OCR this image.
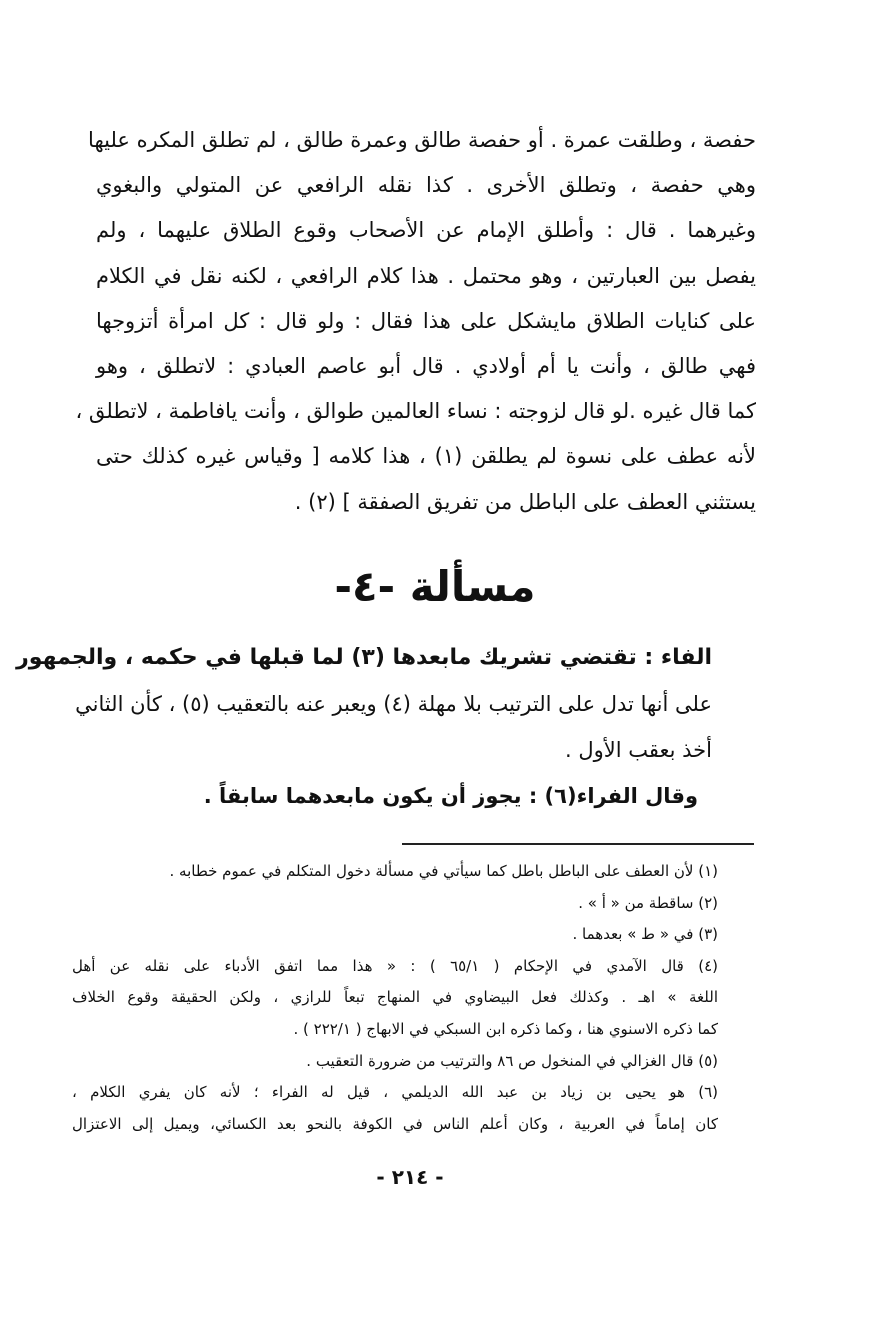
حفصة ، وطلقت عمرة . أو حفصة طالق وعمرة طالق ، لم تطلق المكره عليها
وهي حفصة ، وتطلق الأخرى . كذا نقله الرافعي عن المتولي والبغوي
وغيرهما . قال : وأطلق الإمام عن الأصحاب وقوع الطلاق عليهما ، ولم
يفصل بين العبارتين ، وهو محتمل . هذا كلام الرافعي ، لكنه نقل في الكلام
على كنايات الطلاق مايشكل على هذا فقال : ولو قال : كل امرأة أتزوجها
فهي طالق ، وأنت يا أم أولادي . قال أبو عاصم العبادي : لاتطلق ، وهو
كما قال غيره .لو قال لزوجته : نساء العالمين طوالق ، وأنت يافاطمة ، لاتطلق ،
لأنه عطف على نسوة لم يطلقن (١) ، هذا كلامه [ وقياس غيره كذلك حتى
يستثني العطف على الباطل من تفريق الصفقة ] (٢) .
مسألة -٤-
الفاء : تقتضي تشريك مابعدها (٣) لما قبلها في حكمه ، والجمهور
على أنها تدل على الترتيب بلا مهلة (٤) ويعبر عنه بالتعقيب (٥) ، كأن الثاني
أخذ بعقب الأول .
وقال الفراء(٦) : يجوز أن يكون مابعدهما سابقاً .
(١) لأن العطف على الباطل باطل كما سيأتي في مسألة دخول المتكلم في عموم خطابه .
(٢) ساقطة من « أ » .
(٣) في « ط » بعدهما .
(٤) قال الآمدي في الإحكام ( ٦٥/١ ) : « هذا مما اتفق الأدباء على نقله عن أهل
اللغة » اهـ . وكذلك فعل البيضاوي في المنهاج تبعاً للرازي ، ولكن الحقيقة وقوع الخلاف
كما ذكره الاسنوي هنا ، وكما ذكره ابن السبكي في الابهاج ( ٢٢٢/١ ) .
(٥) قال الغزالي في المنخول ص ٨٦ والترتيب من ضرورة التعقيب .
(٦) هو يحيى بن زياد بن عبد الله الديلمي ، قيل له الفراء ؛ لأنه كان يفري الكلام ،
كان إماماً في العربية ، وكان أعلم الناس في الكوفة بالنحو بعد الكسائي، ويميل إلى الاعتزال
- ٢١٤ -
